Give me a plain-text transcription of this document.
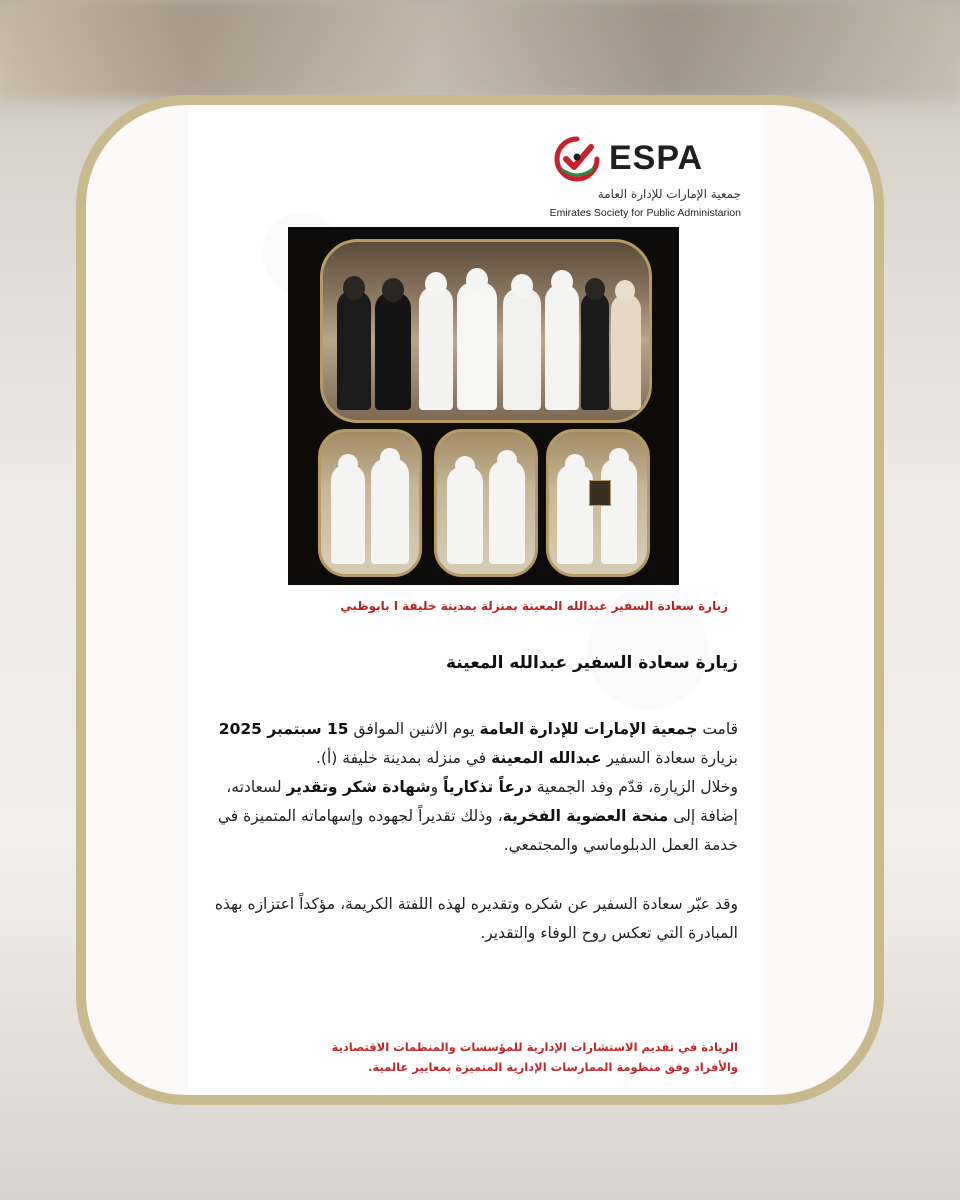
ESPA
جمعية الإمارات للإدارة العامة
Emirates Society for Public Administarion
زيارة سعادة السفير عبدالله المعينة بمنزلة بمدينة خليفة ا بابوظبي
زيارة سعادة السفير عبدالله المعينة

قامت جمعية الإمارات للإدارة العامة يوم الاثنين الموافق 15 سبتمبر 2025 بزيارة سعادة السفير عبدالله المعينة في منزله بمدينة خليفة (أ).

وخلال الزيارة، قدّم وفد الجمعية درعاً تذكارياً وشهادة شكر وتقدير لسعادته، إضافة إلى منحة العضوية الفخرية، وذلك تقديراً لجهوده وإسهاماته المتميزة في خدمة العمل الدبلوماسي والمجتمعي.

وقد عبّر سعادة السفير عن شكره وتقديره لهذه اللفتة الكريمة، مؤكداً اعتزازه بهذه المبادرة التي تعكس روح الوفاء والتقدير.

الريادة في تقديم الاستشارات الإدارية للمؤسسات والمنظمات الاقتصادية
والأفراد وفق منظومة الممارسات الإدارية المتميزة بمعايير عالمية.
